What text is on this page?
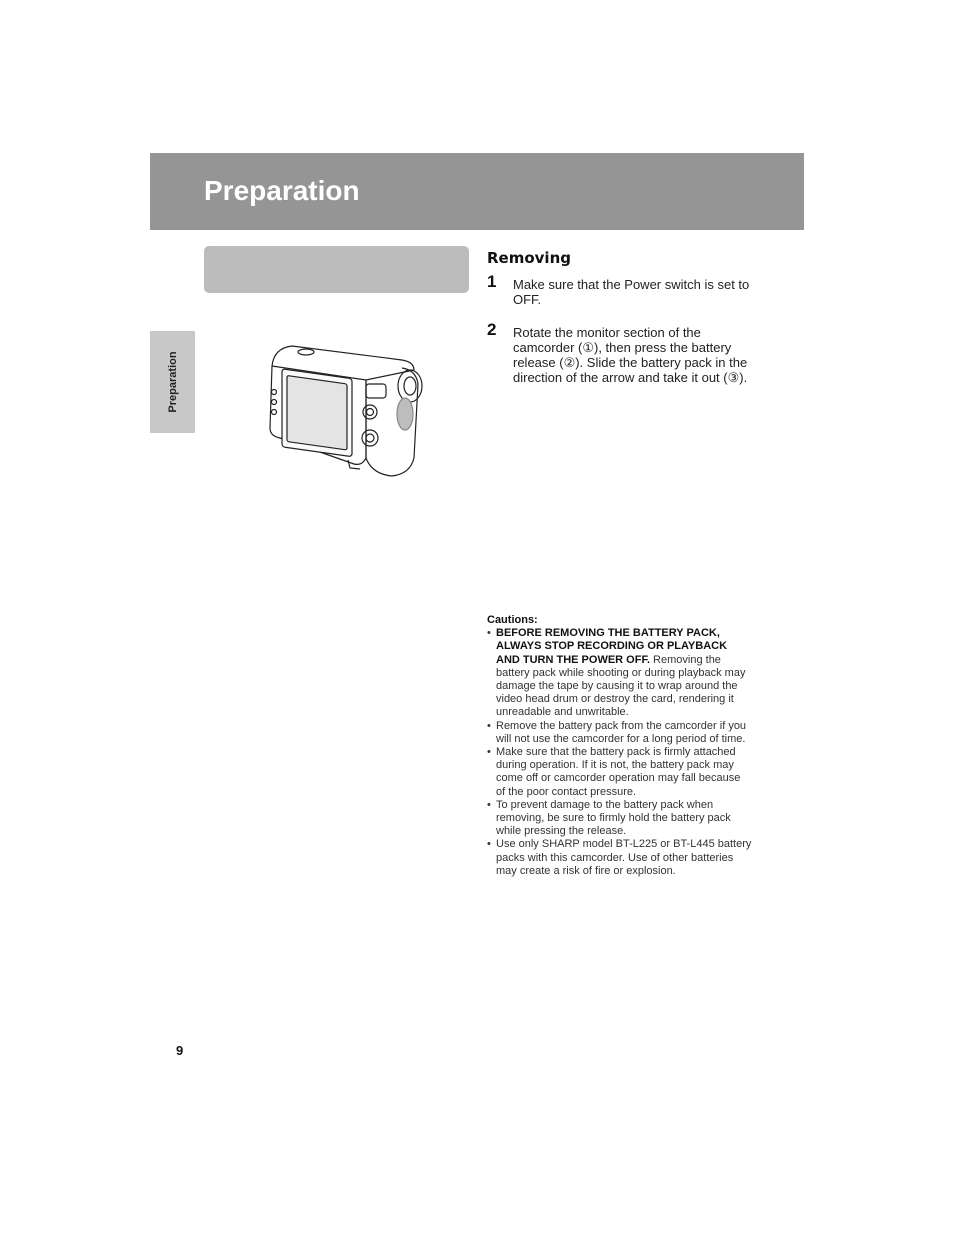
Preparation
Preparation
Removing
1 Make sure that the Power switch is set to OFF.
2 Rotate the monitor section of the camcorder (①), then press the battery release (②). Slide the battery pack in the direction of the arrow and take it out (③).
Cautions:
• BEFORE REMOVING THE BATTERY PACK, ALWAYS STOP RECORDING OR PLAYBACK AND TURN THE POWER OFF. Removing the battery pack while shooting or during playback may damage the tape by causing it to wrap around the video head drum or destroy the card, rendering it unreadable and unwritable.
• Remove the battery pack from the camcorder if you will not use the camcorder for a long period of time.
• Make sure that the battery pack is firmly attached during operation. If it is not, the battery pack may come off or camcorder operation may fall because of the poor contact pressure.
• To prevent damage to the battery pack when removing, be sure to firmly hold the battery pack while pressing the release.
• Use only SHARP model BT-L225 or BT-L445 battery packs with this camcorder. Use of other batteries may create a risk of fire or explosion.
9
